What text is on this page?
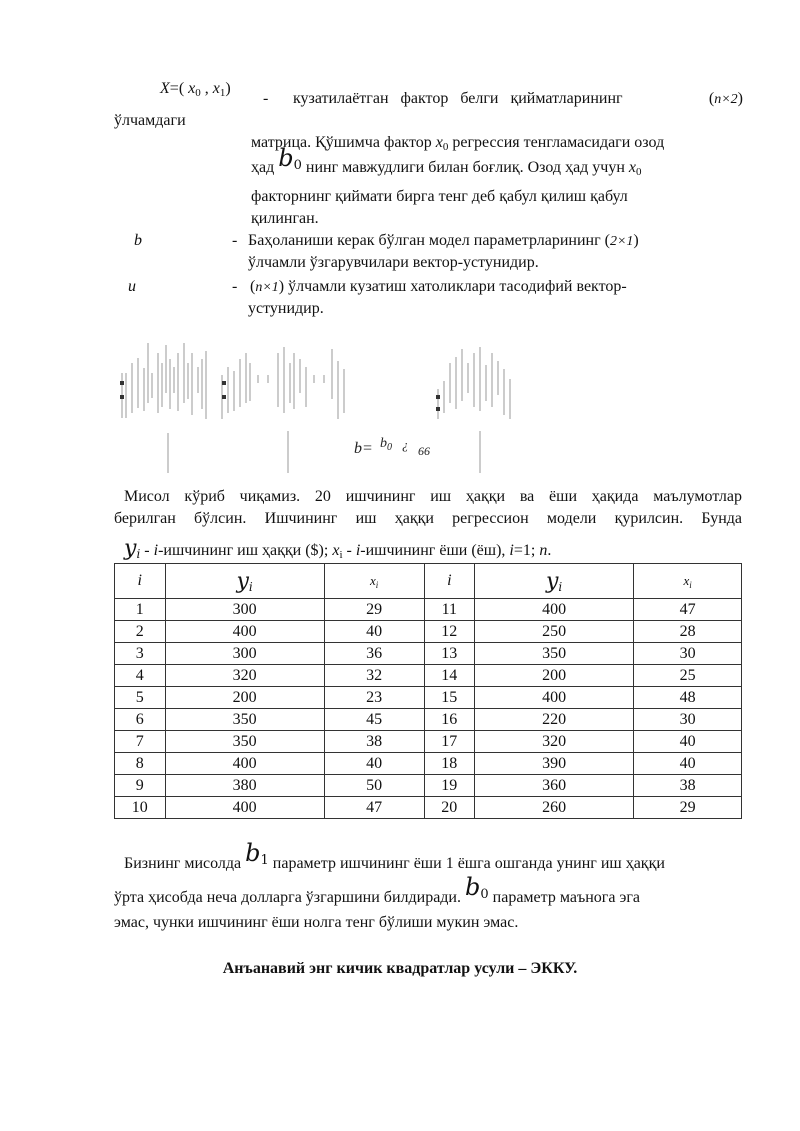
X=( $x_0$ , $x_1$)
- кузатилаётган фактор белги қийматларининг	(n×2)
ўлчамдаги
матрица. Қўшимча фактор $x_0$ регрессия тенгламасидаги озод
ҳад $b_0$ нинг мавжудлиги билан боғлиқ. Озод ҳад учун $x_0$
факторнинг қиймати бирга тенг деб қабул қилиш қабул
қилинган.
b	- Баҳоланиши керак бўлган модел параметрларининг (2×1)
ўлчамли ўзгарувчилари вектор-устунидир.
u	- (n×1) ўлчамли кузатиш хатоликлари тасодифий вектор-
устунидир.
$b= b_0$ ¿ 66
Мисол кўриб чиқамиз. 20 ишчининг иш ҳаққи ва ёши ҳақида маълумотлар
берилган бўлсин. Ишчининг иш ҳаққи регрессион модели қурилсин. Бунда
$y_i$ - i-ишчининг иш ҳаққи ($); $x_i$ - i-ишчининг ёши (ёш), i=1; n.
i	$y_i$	$x_i$	i	$y_i$	$x_i$
1	300	29	11	400	47
2	400	40	12	250	28
3	300	36	13	350	30
4	320	32	14	200	25
5	200	23	15	400	48
6	350	45	16	220	30
7	350	38	17	320	40
8	400	40	18	390	40
9	380	50	19	360	38
10	400	47	20	260	29
Бизнинг мисолда $b_1$ параметр ишчининг ёши 1 ёшга ошганда унинг иш ҳаққи
ўрта ҳисобда неча долларга ўзгаршини билдиради. $b_0$ параметр маънога эга
эмас, чунки ишчининг ёши нолга тенг бўлиши мукин эмас.
Анъанавий энг кичик квадратлар усули – ЭККУ.
